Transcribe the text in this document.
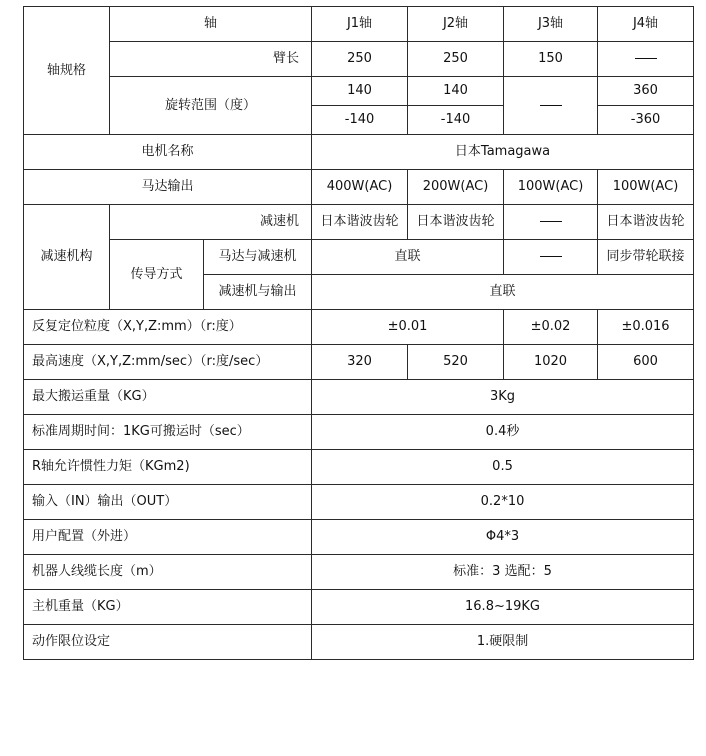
轴规格	轴		J1轴	J2轴	J3轴	J4轴
	臂长		250	250	150	
	旋转范围（度）		140	140		360
			-140	-140		-360
电机名称			日本Tamagawa			
马达输出			400W(AC)	200W(AC)	100W(AC)	100W(AC)
减速机构	减速机		日本谐波齿轮	日本谐波齿轮		日本谐波齿轮
	传导方式	马达与减速机	直联			同步带轮联接
		减速机与输出	直联			
反复定位粒度（X,Y,Z:mm）（r:度）			±0.01		±0.02	±0.016
最高速度（X,Y,Z:mm/sec）（r:度/sec）			320	520	1020	600
最大搬运重量（KG）			3Kg			
标准周期时间：1KG可搬运时（sec）			0.4秒			
R轴允许惯性力矩（KGm2)			0.5			
输入（IN）输出（OUT）			0.2*10			
用户配置（外进）			Φ4*3			
机器人线缆长度（m）			标准：3 选配：5			
主机重量（KG）			16.8~19KG			
动作限位设定			1.硬限制			
